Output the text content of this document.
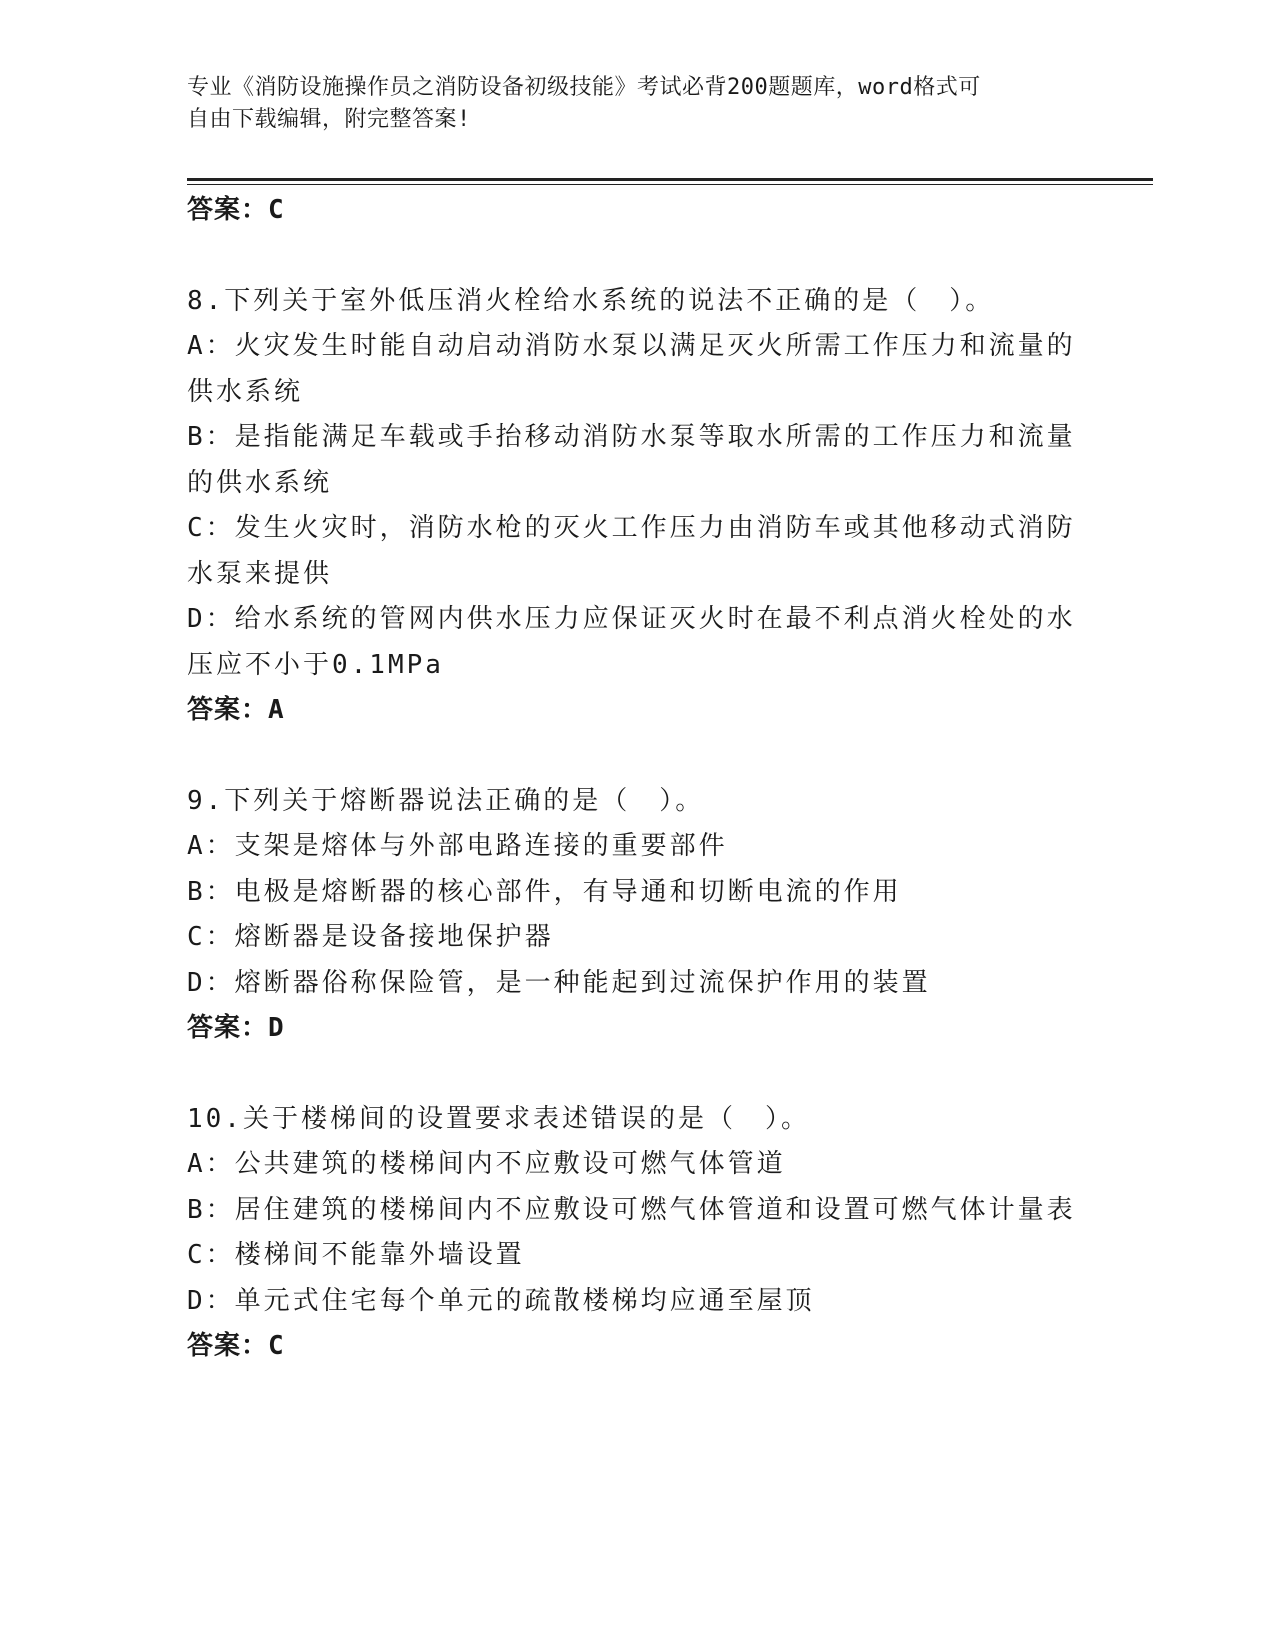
专业《消防设施操作员之消防设备初级技能》考试必背200题题库，word格式可
自由下载编辑，附完整答案!
答案：C
8.下列关于室外低压消火栓给水系统的说法不正确的是（　）。
A：火灾发生时能自动启动消防水泵以满足灭火所需工作压力和流量的
供水系统
B：是指能满足车载或手抬移动消防水泵等取水所需的工作压力和流量
的供水系统
C：发生火灾时，消防水枪的灭火工作压力由消防车或其他移动式消防
水泵来提供
D：给水系统的管网内供水压力应保证灭火时在最不利点消火栓处的水
压应不小于0.1MPa
答案：A
9.下列关于熔断器说法正确的是（　）。
A：支架是熔体与外部电路连接的重要部件
B：电极是熔断器的核心部件，有导通和切断电流的作用
C：熔断器是设备接地保护器
D：熔断器俗称保险管，是一种能起到过流保护作用的装置
答案：D
10.关于楼梯间的设置要求表述错误的是（　）。
A：公共建筑的楼梯间内不应敷设可燃气体管道
B：居住建筑的楼梯间内不应敷设可燃气体管道和设置可燃气体计量表
C：楼梯间不能靠外墙设置
D：单元式住宅每个单元的疏散楼梯均应通至屋顶
答案：C
